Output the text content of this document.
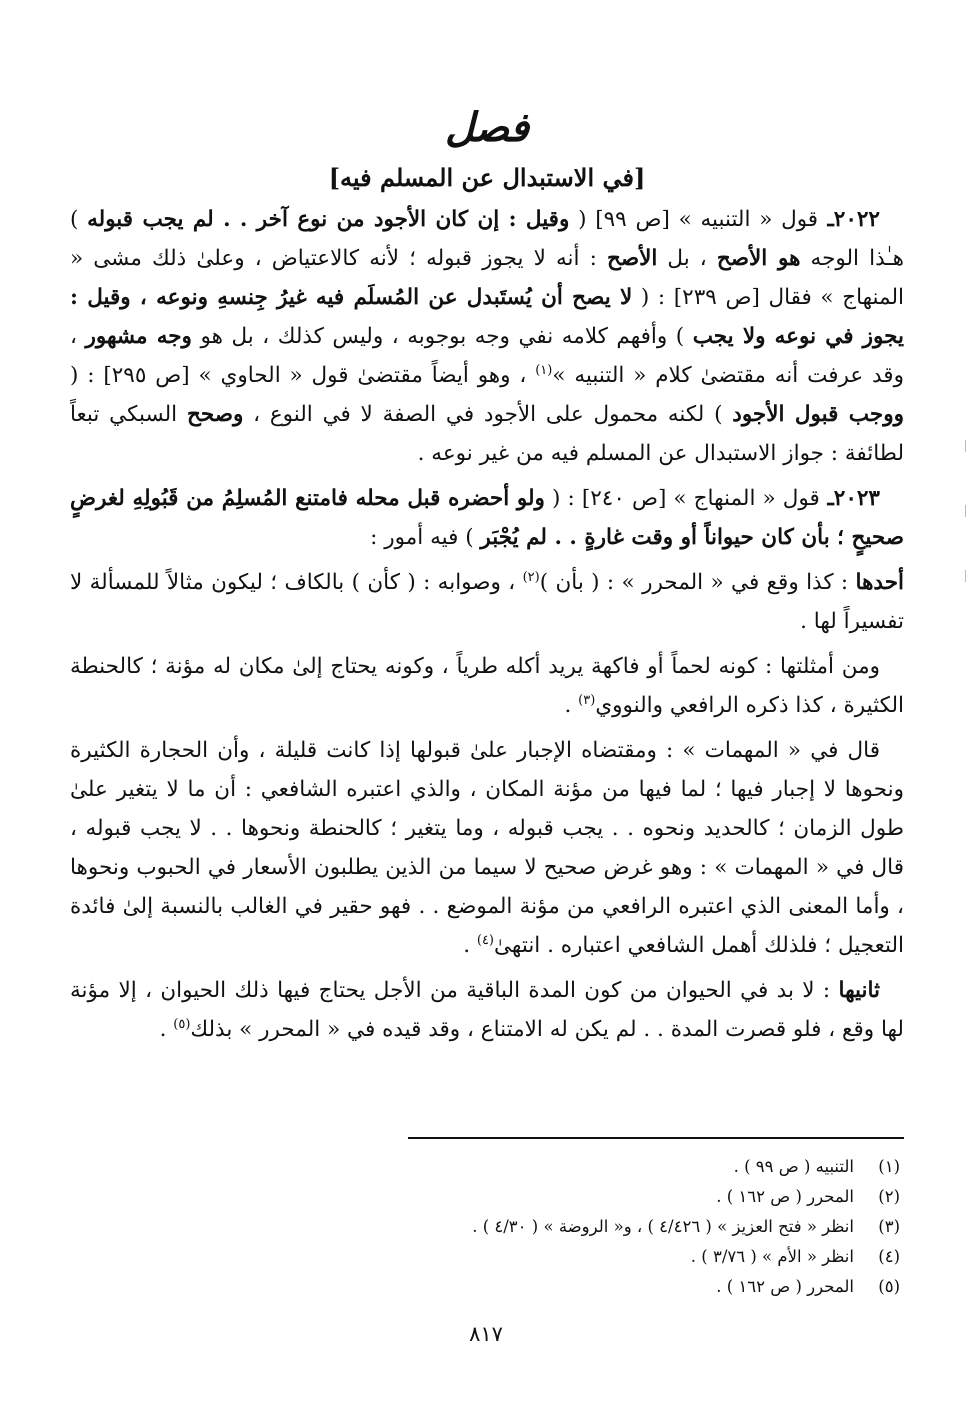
فصل
[في الاستبدال عن المسلم فيه]

٢٠٢٢ـ قول « التنبيه » [ص ٩٩] ( وقيل : إن كان الأجود من نوع آخر . . لم يجب قبوله ) هـٰذا الوجه هو الأصح ، بل الأصح : أنه لا يجوز قبوله ؛ لأنه كالاعتياض ، وعلىٰ ذلك مشى « المنهاج » فقال [ص ٢٣٩] : ( لا يصح أن يُستَبدل عن المُسلَم فيه غيرُ جِنسهِ ونوعه ، وقيل : يجوز في نوعه ولا يجب ) وأفهم كلامه نفي وجه بوجوبه ، وليس كذلك ، بل هو وجه مشهور ، وقد عرفت أنه مقتضىٰ كلام « التنبيه »$^{(١)}$ ، وهو أيضاً مقتضىٰ قول « الحاوي » [ص ٢٩٥] : ( ووجب قبول الأجود ) لكنه محمول على الأجود في الصفة لا في النوع ، وصحح السبكي تبعاً لطائفة : جواز الاستبدال عن المسلم فيه من غير نوعه .

٢٠٢٣ـ قول « المنهاج » [ص ٢٤٠] : ( ولو أحضره قبل محله فامتنع المُسلِمُ من قَبُولِهِ لغرضٍ صحيحٍ ؛ بأن كان حيواناً أو وقت غارةٍ . . لم يُجْبَر ) فيه أمور :

أحدها : كذا وقع في « المحرر » : ( بأن )$^{(٢)}$ ، وصوابه : ( كأن ) بالكاف ؛ ليكون مثالاً للمسألة لا تفسيراً لها .

ومن أمثلتها : كونه لحماً أو فاكهة يريد أكله طرياً ، وكونه يحتاج إلىٰ مكان له مؤنة ؛ كالحنطة الكثيرة ، كذا ذكره الرافعي والنووي$^{(٣)}$ .

قال في « المهمات » : ومقتضاه الإجبار علىٰ قبولها إذا كانت قليلة ، وأن الحجارة الكثيرة ونحوها لا إجبار فيها ؛ لما فيها من مؤنة المكان ، والذي اعتبره الشافعي : أن ما لا يتغير علىٰ طول الزمان ؛ كالحديد ونحوه . . يجب قبوله ، وما يتغير ؛ كالحنطة ونحوها . . لا يجب قبوله ، قال في « المهمات » : وهو غرض صحيح لا سيما من الذين يطلبون الأسعار في الحبوب ونحوها ، وأما المعنى الذي اعتبره الرافعي من مؤنة الموضع . . فهو حقير في الغالب بالنسبة إلىٰ فائدة التعجيل ؛ فلذلك أهمل الشافعي اعتباره . انتهىٰ$^{(٤)}$ .

ثانيها : لا بد في الحيوان من كون المدة الباقية من الأجل يحتاج فيها ذلك الحيوان ، إلا مؤنة لها وقع ، فلو قصرت المدة . . لم يكن له الامتناع ، وقد قيده في « المحرر » بذلك$^{(٥)}$ .

(١)التنبيه ( ص ٩٩ ) .
(٢)المحرر ( ص ١٦٢ ) .
(٣)انظر « فتح العزيز » ( ٤/٤٢٦ ) ، و« الروضة » ( ٤/٣٠ ) .
(٤)انظر « الأم » ( ٣/٧٦ ) .
(٥)المحرر ( ص ١٦٢ ) .
٨١٧
